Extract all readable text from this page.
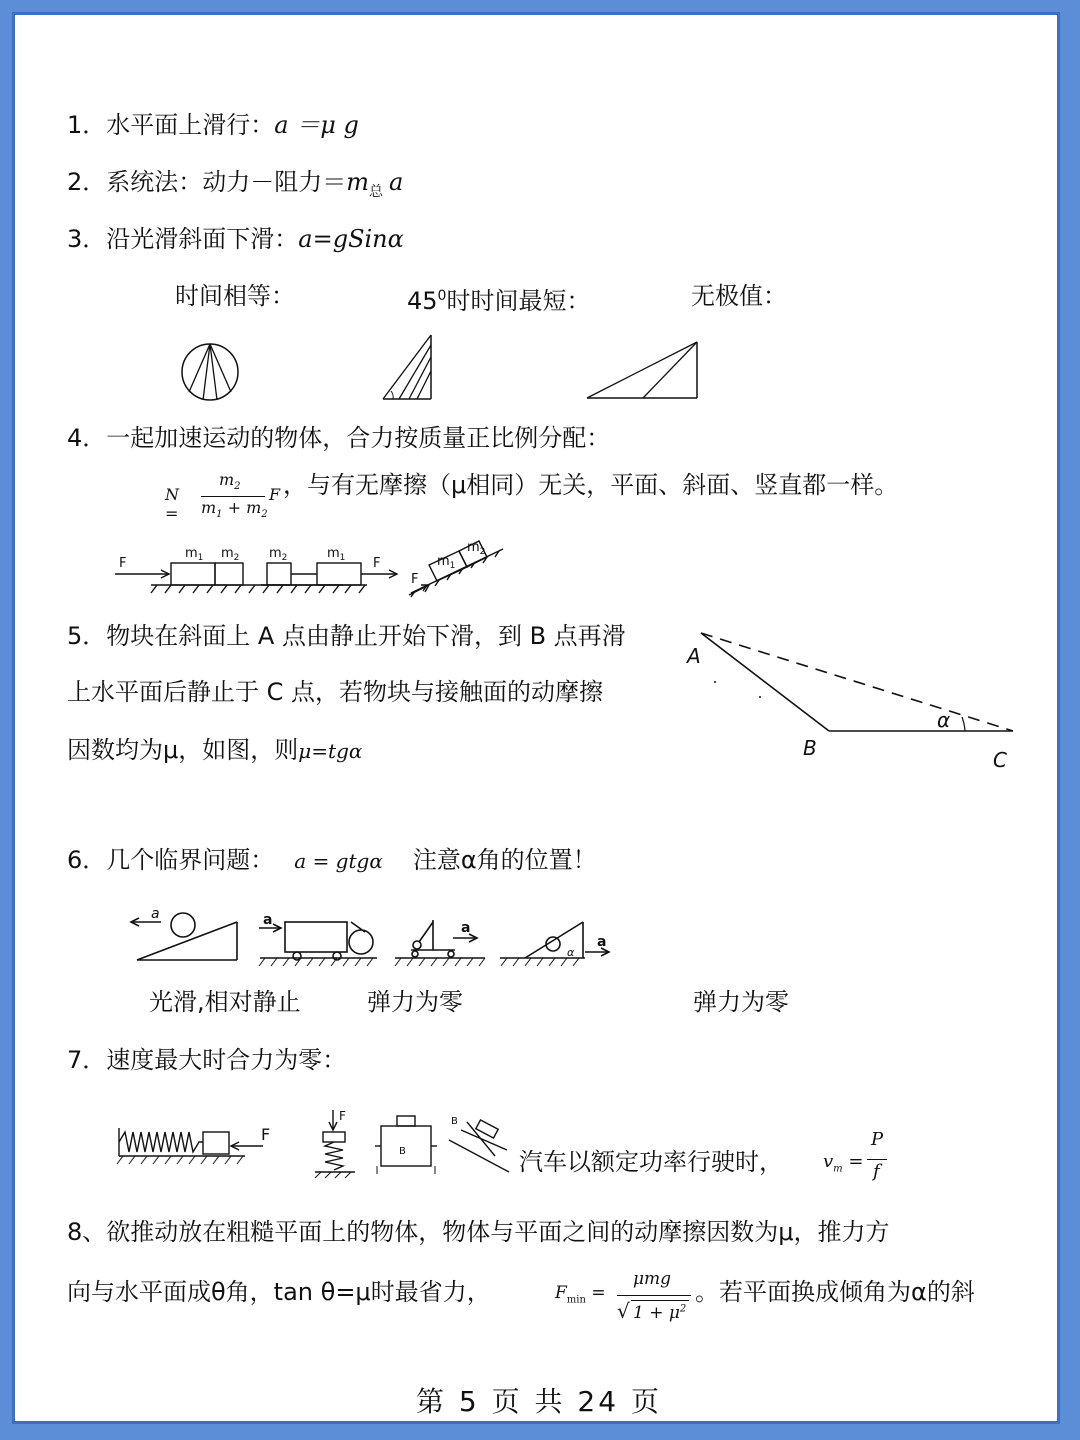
1．水平面上滑行：a ＝μ g
2．系统法：动力－阻力$=m_总$ a
3．沿光滑斜面下滑：a=gSinα
时间相等：	$45^0$时时间最短：	无极值：
4．一起加速运动的物体，合力按质量正比例分配：
N =
$m_2$
$m_1 + m_2$
F ，与有无摩擦（μ相同）无关，平面、斜面、竖直都一样。
F
$m_1$ $m_2$ $m_2$	$m_1$ F
F
$m_1$
$m_2$
5．物块在斜面上 A 点由静止开始下滑，到 B 点再滑
上水平面后静止于 C 点，若物块与接触面的动摩擦
因数均为μ，如图，则μ=tgα
A
B	C
α
6．几个临界问题： a = gtgα 注意α角的位置！
a	a	a
a
α
光滑,相对静止	弹力为零	弹力为零
7．速度最大时合力为零：
F
F
B
B
汽车以额定功率行驶时， $v_m$ =
P
f
8、欲推动放在粗糙平面上的物体，物体与平面之间的动摩擦因数为μ，推力方
向与水平面成θ角，tan θ=μ时最省力，	$F_{min}$ =
μmg
√ $1 + \mu^2$
。若平面换成倾角为α的斜
第 5 页 共 24 页
